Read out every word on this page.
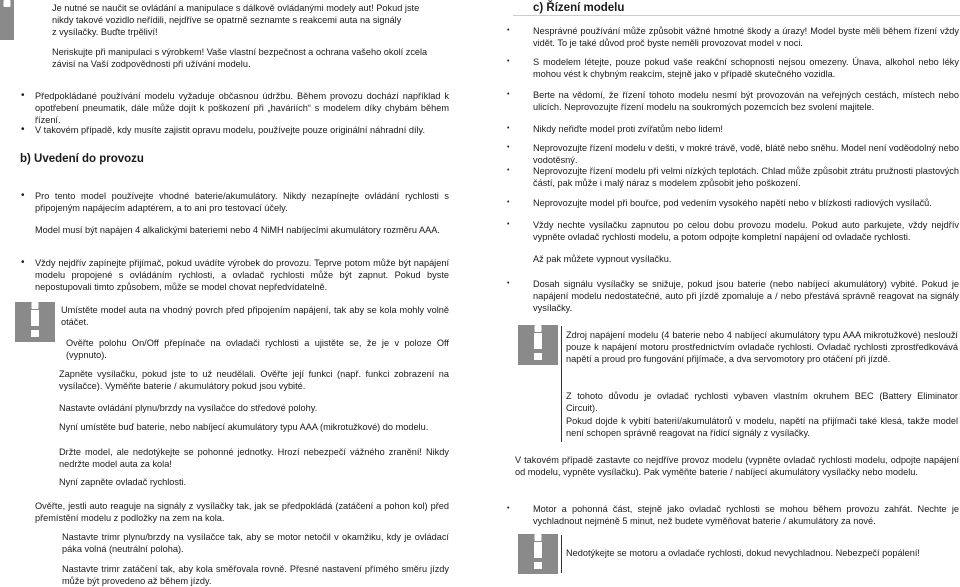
Je nutné se naučit se ovládání a manipulace s dálkově ovládanými modely aut! Pokud jste

nikdy takové vozidlo neřídili, nejdříve se opatrně seznamte s reakcemi auta na signály

z vysílačky. Buďte trpěliví!

Neriskujte při manipulaci s výrobkem! Vaše vlastní bezpečnost a ochrana vašeho okolí zcela

závisí na Vaší zodpovědnosti při užívání modelu.

• Předpokládané používání modelu vyžaduje občasnou údržbu. Během provozu dochází například k opotřebení pneumatik, dále může dojít k poškození při „haváriích“ s modelem díky chybám během řízení.

• V takovém případě, kdy musíte zajistit opravu modelu, používejte pouze originální náhradní díly.

b) Uvedení do provozu

• Pro tento model používejte vhodné baterie/akumulátory. Nikdy nezapínejte ovládání rychlosti s připojeným napájecím adaptérem, a to ani pro testovací účely.

Model musí být napájen 4 alkalickými bateriemi nebo 4 NiMH nabíjecími akumulátory rozměru AAA.

• Vždy nejdřív zapínejte přijímač, pokud uvádíte výrobek do provozu. Teprve potom může být napájení modelu propojené s ovládáním rychlosti, a ovladač rychlosti může být zapnut. Pokud byste nepostupovali timto způsobem, může se model chovat nepředvídatelně.

Umístěte model auta na vhodný povrch před připojením napájení, tak aby se kola mohly volně otáčet.

Ověřte polohu On/Off přepínače na ovladači rychlosti a ujistěte se, že je v poloze Off (vypnuto).

Zapněte vysílačku, pokud jste to už neudělali. Ověřte její funkci (např. funkci zobrazení na vysílačce). Vyměňte baterie / akumulátory pokud jsou vybité.

Nastavte ovládání plynu/brzdy na vysílačce do středové polohy.

Nyní umístěte buď baterie, nebo nabíjecí akumulátory typu AAA (mikrotužkové) do modelu.

Držte model, ale nedotýkejte se pohonné jednotky. Hrozí nebezpečí vážného zranění! Nikdy nedržte model auta za kola!

Nyní zapněte ovladač rychlosti.

Ověřte, jestli auto reaguje na signály z vysílačky tak, jak se předpokládá (zatáčení a pohon kol) před přemístění modelu z podložky na zem na kola.

Nastavte trimr plynu/brzdy na vysílačce tak, aby se motor netočil v okamžiku, kdy je ovládací páka volná (neutrální poloha).

Nastavte trimr zatáčení tak, aby kola směřovala rovně. Přesné nastavení přímého směru jízdy může být provedeno až během jízdy.

c) Řízení modelu

• Nesprávné používání může způsobit vážné hmotné škody a úrazy! Model byste měli během řízení vždy vidět. To je také důvod proč byste neměli provozovat model v noci.

• S modelem létejte, pouze pokud vaše reakční schopnosti nejsou omezeny. Únava, alkohol nebo léky mohou vést k chybným reakcím, stejně jako v případě skutečného vozidla.

• Berte na vědomí, že řízení tohoto modelu nesmí být provozován na veřejných cestách, místech nebo ulicích. Neprovozujte řízení modelu na soukromých pozemcích bez svolení majitele.

• Nikdy neřiďte model proti zvířatům nebo lidem!

• Neprovozujte řízení modelu v dešti, v mokré trávě, vodě, blátě nebo sněhu. Model není voděodolný nebo vodotěsný.

• Neprovozujte řízení modelu při velmi nízkých teplotách. Chlad může způsobit ztrátu pružnosti plastových částí, pak může i malý náraz s modelem způsobit jeho poškození.

• Neprovozujte model při bouřce, pod vedením vysokého napětí nebo v blízkosti radiových vysílačů.

• Vždy nechte vysílačku zapnutou po celou dobu provozu modelu. Pokud auto parkujete, vždy nejdřív vypněte ovladač rychlosti modelu, a potom odpojte kompletní napájení od ovladače rychlosti.

Až pak můžete vypnout vysílačku.

• Dosah signálu vysílačky se snižuje, pokud jsou baterie (nebo nabíjecí akumulátory) vybité. Pokud je napájení modelu nedostatečné, auto při jízdě zpomaluje a / nebo přestává správně reagovat na signály vysílačky.

Zdroj napájení modelu (4 baterie nebo 4 nabíjecí akumulátory typu AAA mikrotužkové) neslouží pouze k napájení motoru prostřednictvím ovladače rychlosti. Ovladač rychlosti zprostředkovává napětí a proud pro fungování přijímače, a dva servomotory pro otáčení při jízdě.

Z tohoto důvodu je ovladač rychlosti vybaven vlastním okruhem BEC (Battery Eliminator Circuit).

Pokud dojde k vybití baterií/akumulátorů v modelu, napětí na přijímači také klesá, takže model není schopen správně reagovat na řídicí signály z vysílačky.

V takovém případě zastavte co nejdříve provoz modelu (vypněte ovladač rychlosti modelu, odpojte napájení od modelu, vypněte vysílačku). Pak vyměňte baterie / nabíjecí akumulátory vysílačky nebo modelu.

• Motor a pohonná část, stejně jako ovladač rychlosti se mohou během provozu zahřát. Nechte je vychladnout nejméně 5 minut, než budete vyměňovat baterie / akumulátory za nové.

Nedotýkejte se motoru a ovladače rychlosti, dokud nevychladnou. Nebezpečí popálení!
